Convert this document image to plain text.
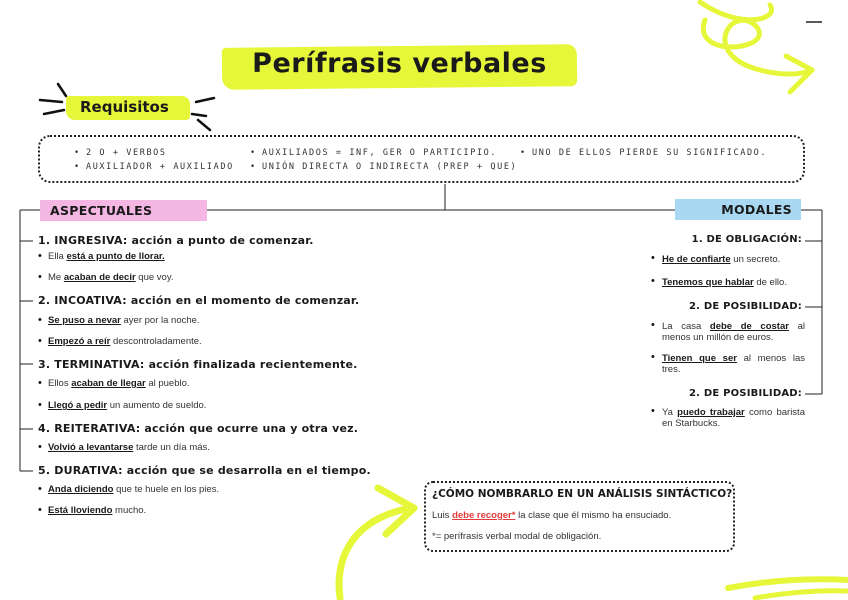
Perífrasis verbales
Requisitos
• 2 O + VERBOS
• AUXILIADOR + AUXILIADO
• AUXILIADOS = INF, GER O PARTICIPIO.
• UNIÓN DIRECTA O INDIRECTA (PREP + QUE)
• UNO DE ELLOS PIERDE SU SIGNIFICADO.
ASPECTUALES	MODALES
1. INGRESIVA: acción a punto de comenzar.
• Ella está a punto de llorar.
• Me acaban de decir que voy.
2. INCOATIVA: acción en el momento de comenzar.
• Se puso a nevar ayer por la noche.
• Empezó a reír descontroladamente.
3. TERMINATIVA: acción finalizada recientemente.
• Ellos acaban de llegar al pueblo.
• Llegó a pedir un aumento de sueldo.
4. REITERATIVA: acción que ocurre una y otra vez.
• Volvió a levantarse tarde un día más.
5. DURATIVA: acción que se desarrolla en el tiempo.
• Anda diciendo que te huele en los pies.
• Está lloviendo mucho.
1. DE OBLIGACIÓN:
• He de confiarte un secreto.
• Tenemos que hablar de ello.
2. DE POSIBILIDAD:
• La casa debe de costar al menos un millón de euros.
• Tienen que ser al menos las tres.
2. DE POSIBILIDAD:
• Ya puedo trabajar como barista en Starbucks.
¿CÓMO NOMBRARLO EN UN ANÁLISIS SINTÁCTICO?
Luis debe recoger* la clase que él mismo ha ensuciado.
*= perífrasis verbal modal de obligación.
